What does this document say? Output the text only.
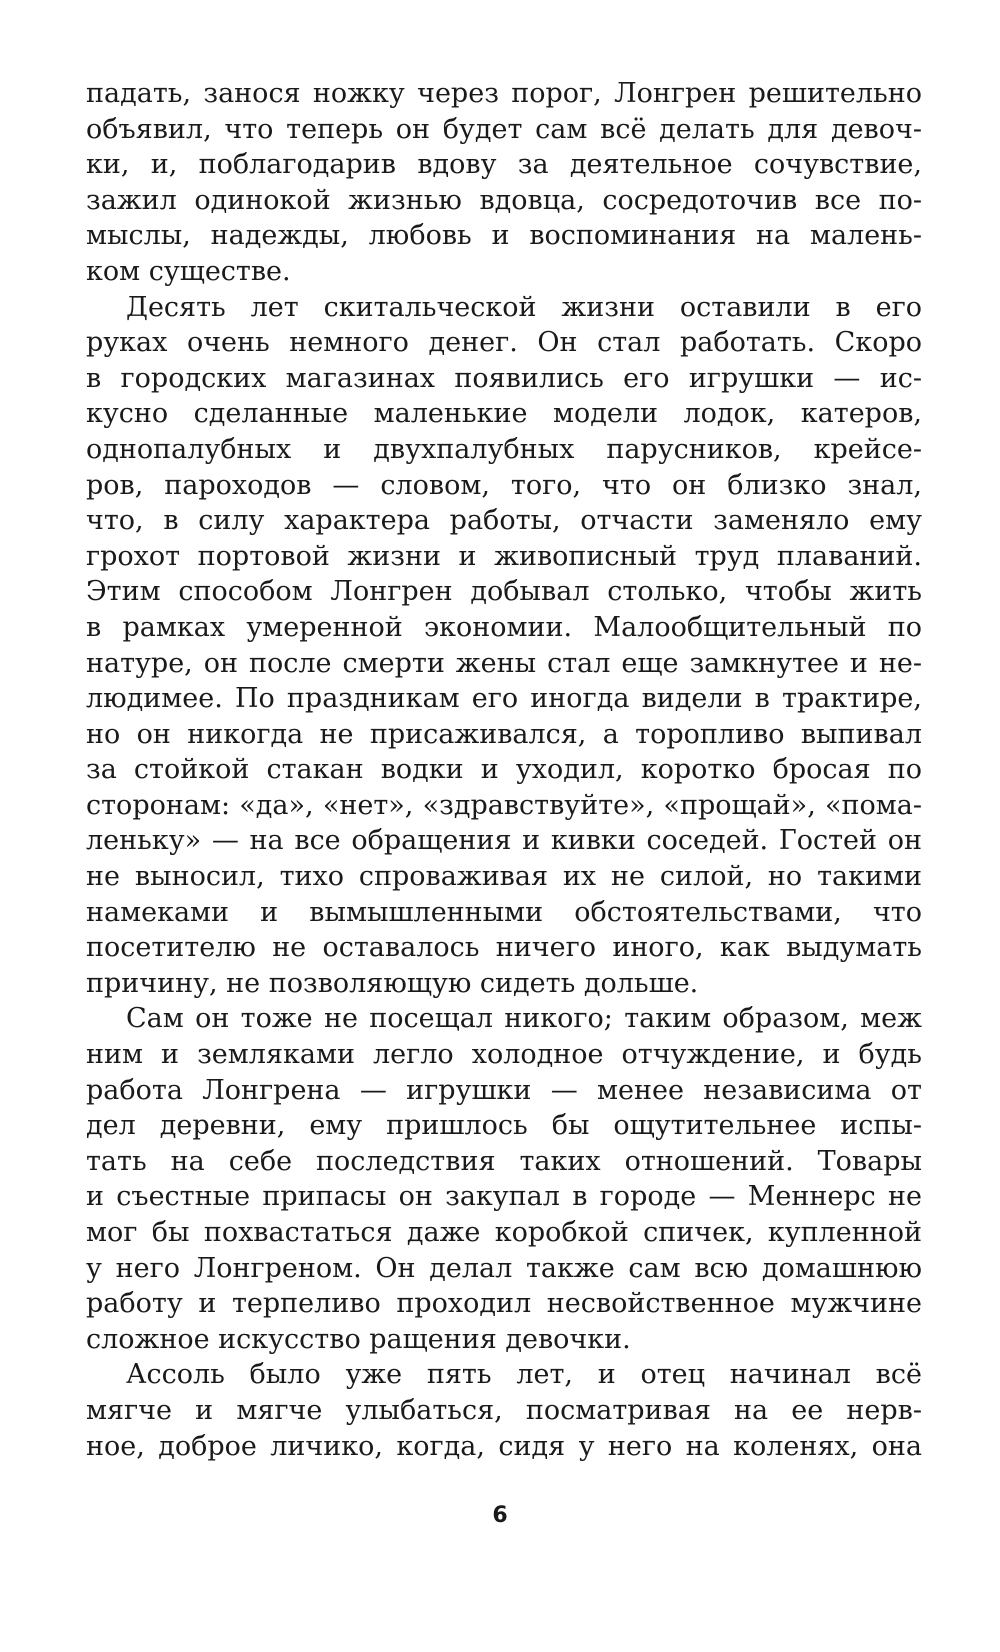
падать, занося ножку через порог, Лонгрен решительно
объявил, что теперь он будет сам всё делать для девоч-
ки, и, поблагодарив вдову за деятельное сочувствие,
зажил одинокой жизнью вдовца, сосредоточив все по-
мыслы, надежды, любовь и воспоминания на малень-
ком существе.
Десять лет скитальческой жизни оставили в его
руках очень немного денег. Он стал работать. Скоро
в городских магазинах появились его игрушки — ис-
кусно сделанные маленькие модели лодок, катеров,
однопалубных и двухпалубных парусников, крейсе-
ров, пароходов — словом, того, что он близко знал,
что, в силу характера работы, отчасти заменяло ему
грохот портовой жизни и живописный труд плаваний.
Этим способом Лонгрен добывал столько, чтобы жить
в рамках умеренной экономии. Малообщительный по
натуре, он после смерти жены стал еще замкнутее и не-
людимее. По праздникам его иногда видели в трактире,
но он никогда не присаживался, а торопливо выпивал
за стойкой стакан водки и уходил, коротко бросая по
сторонам: «да», «нет», «здравствуйте», «прощай», «пома-
леньку» — на все обращения и кивки соседей. Гостей он
не выносил, тихо спроваживая их не силой, но такими
намеками и вымышленными обстоятельствами, что
посетителю не оставалось ничего иного, как выдумать
причину, не позволяющую сидеть дольше.
Сам он тоже не посещал никого; таким образом, меж
ним и земляками легло холодное отчуждение, и будь
работа Лонгрена — игрушки — менее независима от
дел деревни, ему пришлось бы ощутительнее испы-
тать на себе последствия таких отношений. Товары
и съестные припасы он закупал в городе — Меннерс не
мог бы похвастаться даже коробкой спичек, купленной
у него Лонгреном. Он делал также сам всю домашнюю
работу и терпеливо проходил несвойственное мужчине
сложное искусство ращения девочки.
Ассоль было уже пять лет, и отец начинал всё
мягче и мягче улыбаться, посматривая на ее нерв-
ное, доброе личико, когда, сидя у него на коленях, она
6
